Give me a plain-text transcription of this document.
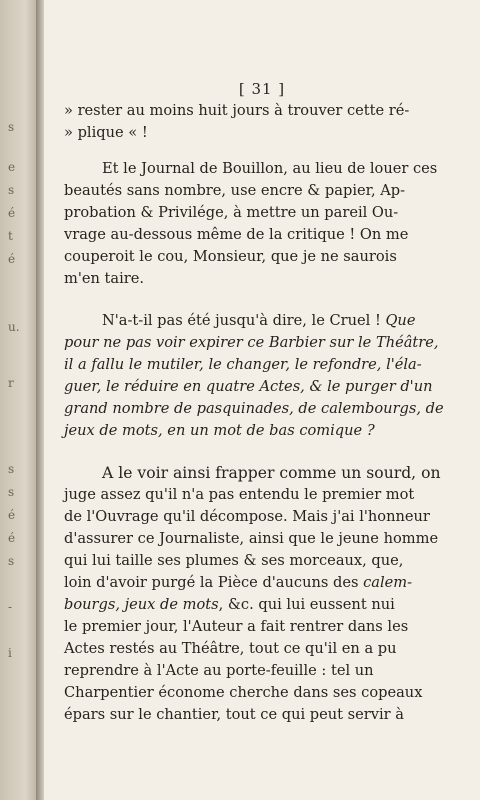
s
e
s
é
t
é
u.
r
s
s
é
é
s
-
i
[ 31 ]
» rester au moins huit jours à trouver cette ré-
» plique « !
Et le Journal de Bouillon, au lieu de louer ces
beautés sans nombre, use encre & papier, Ap-
probation & Privilége, à mettre un pareil Ou-
vrage au-dessous même de la critique ! On me
couperoit le cou, Monsieur, que je ne saurois
m'en taire.
N'a-t-il pas été jusqu'à dire, le Cruel ! Que
pour ne pas voir expirer ce Barbier sur le Théâtre,
il a fallu le mutiler, le changer, le refondre, l'éla-
guer, le réduire en quatre Actes, & le purger d'un
grand nombre de pasquinades, de calembourgs, de
jeux de mots, en un mot de bas comique ?
A le voir ainsi frapper comme un sourd, on
juge assez qu'il n'a pas entendu le premier mot
de l'Ouvrage qu'il décompose. Mais j'ai l'honneur
d'assurer ce Journaliste, ainsi que le jeune homme
qui lui taille ses plumes & ses morceaux, que,
loin d'avoir purgé la Pièce d'aucuns des calem-
bourgs, jeux de mots, &c. qui lui eussent nui
le premier jour, l'Auteur a fait rentrer dans les
Actes restés au Théâtre, tout ce qu'il en a pu
reprendre à l'Acte au porte-feuille : tel un
Charpentier économe cherche dans ses copeaux
épars sur le chantier, tout ce qui peut servir à
